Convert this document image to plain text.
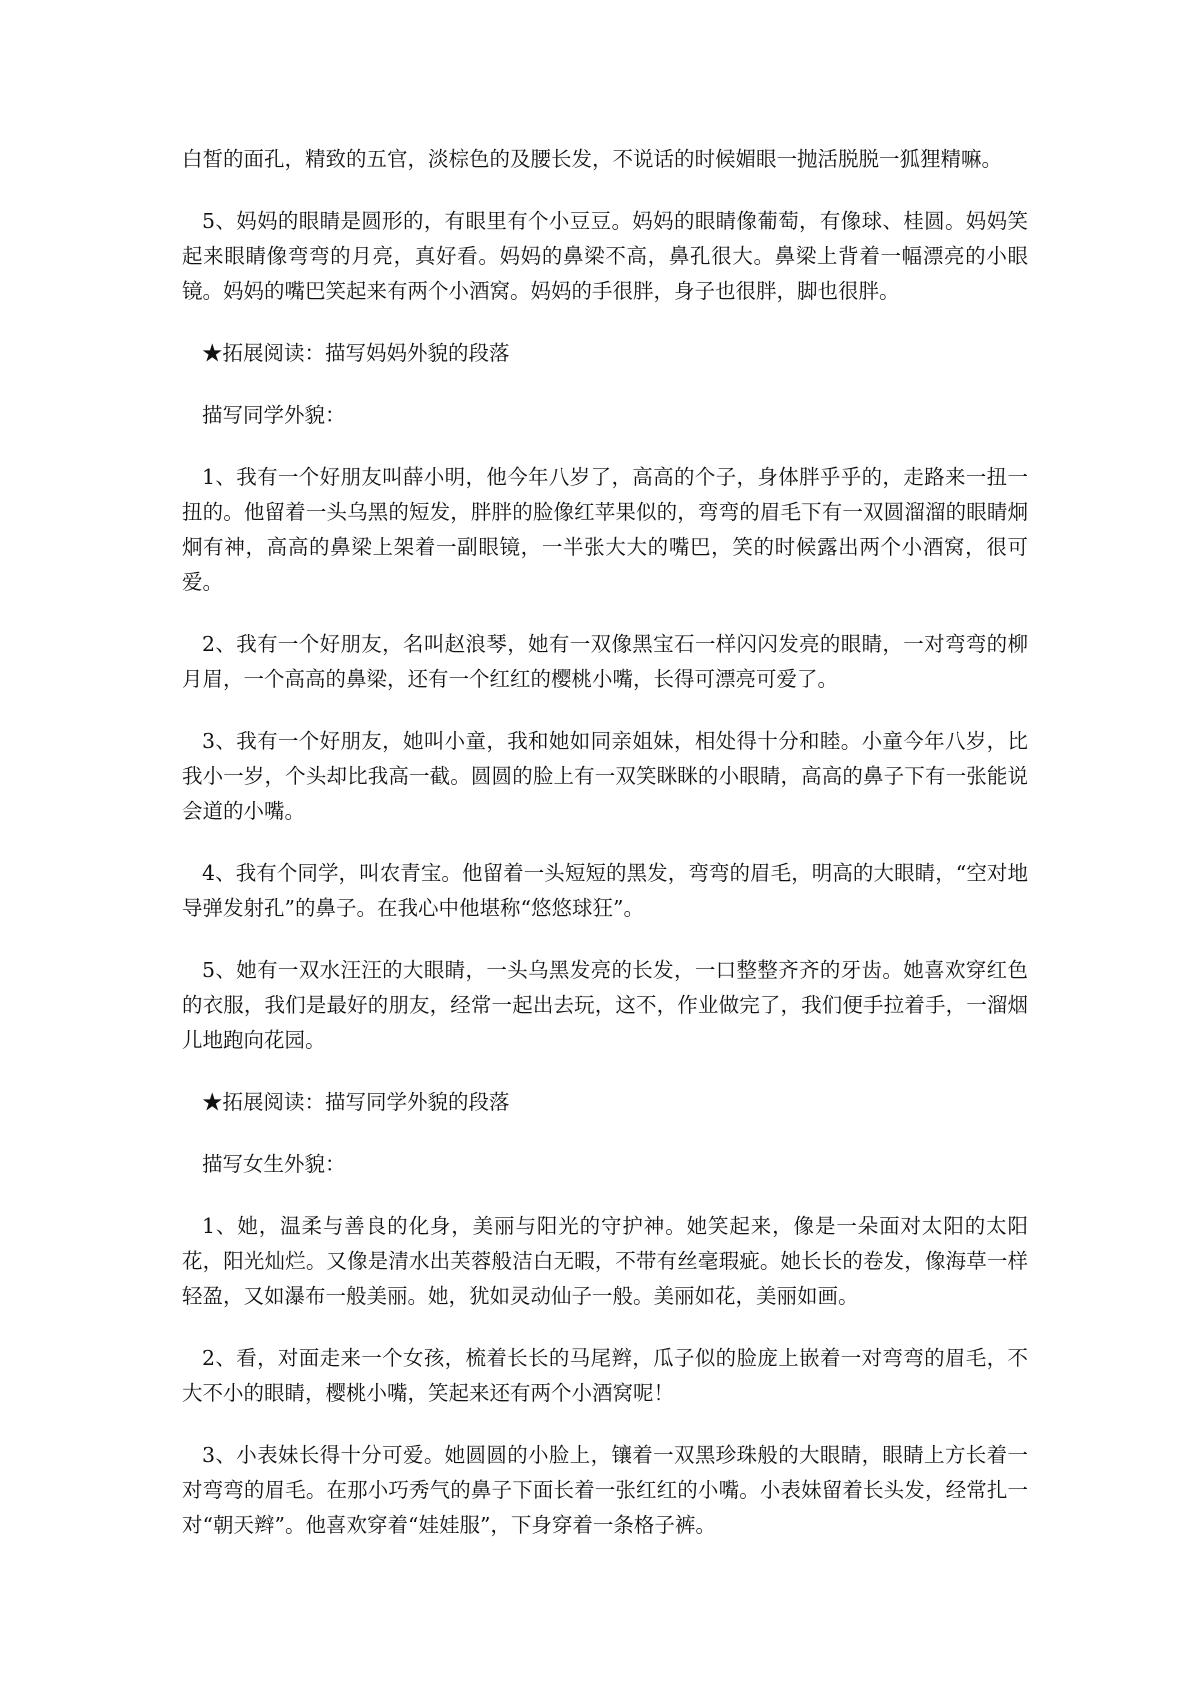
白皙的面孔，精致的五官，淡棕色的及腰长发，不说话的时候媚眼一抛活脱脱一狐狸精嘛。

5、妈妈的眼睛是圆形的，有眼里有个小豆豆。妈妈的眼睛像葡萄，有像球、桂圆。妈妈笑起来眼睛像弯弯的月亮，真好看。妈妈的鼻梁不高，鼻孔很大。鼻梁上背着一幅漂亮的小眼镜。妈妈的嘴巴笑起来有两个小酒窝。妈妈的手很胖，身子也很胖，脚也很胖。

★拓展阅读：描写妈妈外貌的段落

描写同学外貌：

1、我有一个好朋友叫薛小明，他今年八岁了，高高的个子，身体胖乎乎的，走路来一扭一扭的。他留着一头乌黑的短发，胖胖的脸像红苹果似的，弯弯的眉毛下有一双圆溜溜的眼睛炯炯有神，高高的鼻梁上架着一副眼镜，一半张大大的嘴巴，笑的时候露出两个小酒窝，很可爱。

2、我有一个好朋友，名叫赵浪琴，她有一双像黑宝石一样闪闪发亮的眼睛，一对弯弯的柳月眉，一个高高的鼻梁，还有一个红红的樱桃小嘴，长得可漂亮可爱了。

3、我有一个好朋友，她叫小童，我和她如同亲姐妹，相处得十分和睦。小童今年八岁，比我小一岁，个头却比我高一截。圆圆的脸上有一双笑眯眯的小眼睛，高高的鼻子下有一张能说会道的小嘴。

4、我有个同学，叫农青宝。他留着一头短短的黑发，弯弯的眉毛，明高的大眼睛，“空对地导弹发射孔”的鼻子。在我心中他堪称“悠悠球狂”。

5、她有一双水汪汪的大眼睛，一头乌黑发亮的长发，一口整整齐齐的牙齿。她喜欢穿红色的衣服，我们是最好的朋友，经常一起出去玩，这不，作业做完了，我们便手拉着手，一溜烟儿地跑向花园。

★拓展阅读：描写同学外貌的段落

描写女生外貌：

1、她，温柔与善良的化身，美丽与阳光的守护神。她笑起来，像是一朵面对太阳的太阳花，阳光灿烂。又像是清水出芙蓉般洁白无暇，不带有丝毫瑕疵。她长长的卷发，像海草一样轻盈，又如瀑布一般美丽。她，犹如灵动仙子一般。美丽如花，美丽如画。

2、看，对面走来一个女孩，梳着长长的马尾辫，瓜子似的脸庞上嵌着一对弯弯的眉毛，不大不小的眼睛，樱桃小嘴，笑起来还有两个小酒窝呢！

3、小表妹长得十分可爱。她圆圆的小脸上，镶着一双黑珍珠般的大眼睛，眼睛上方长着一对弯弯的眉毛。在那小巧秀气的鼻子下面长着一张红红的小嘴。小表妹留着长头发，经常扎一对“朝天辫”。他喜欢穿着“娃娃服”，下身穿着一条格子裤。
